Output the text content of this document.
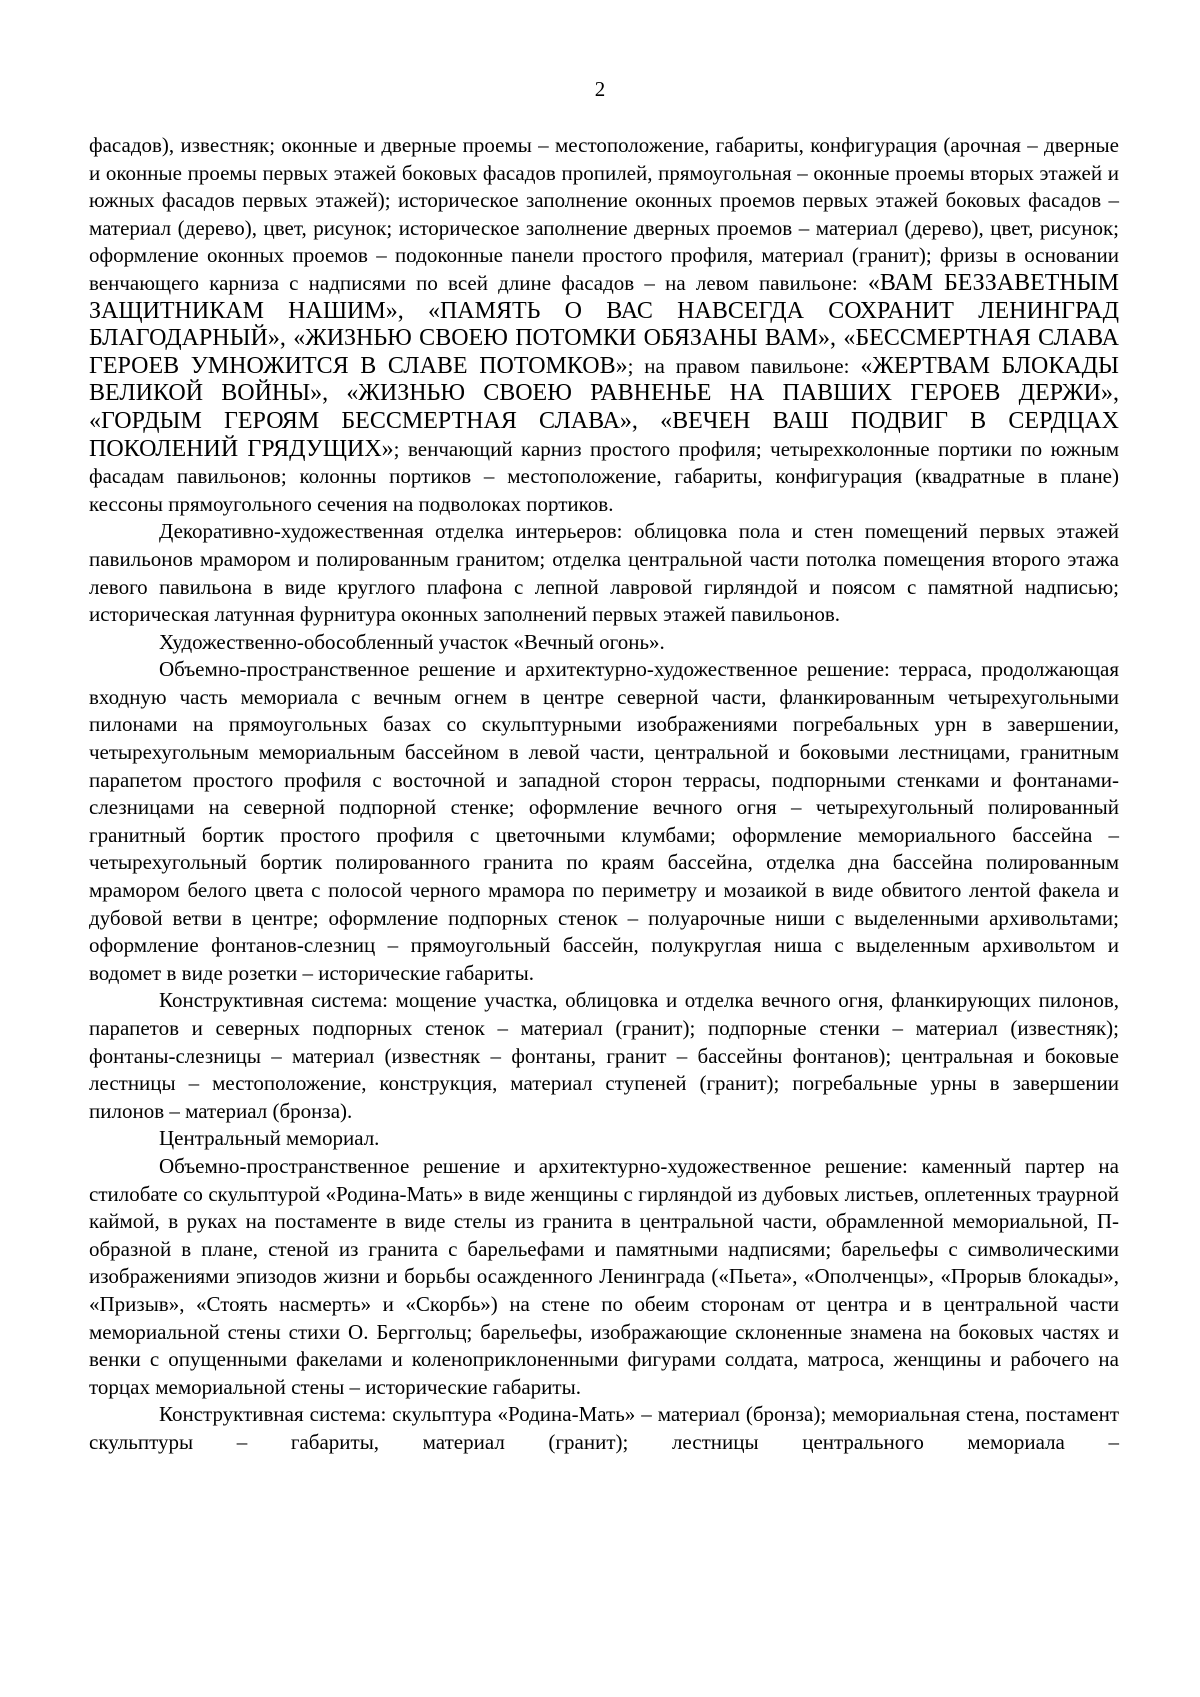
2

фасадов), известняк; оконные и дверные проемы – местоположение, габариты, конфигурация (арочная – дверные и оконные проемы первых этажей боковых фасадов пропилей, прямоугольная – оконные проемы вторых этажей и южных фасадов первых этажей); историческое заполнение оконных проемов первых этажей боковых фасадов – материал (дерево), цвет, рисунок; историческое заполнение дверных проемов – материал (дерево), цвет, рисунок; оформление оконных проемов – подоконные панели простого профиля, материал (гранит); фризы в основании венчающего карниза с надписями по всей длине фасадов – на левом павильоне: «ВАМ БЕЗЗАВЕТНЫМ ЗАЩИТНИКАМ НАШИМ», «ПАМЯТЬ О ВАС НАВСЕГДА СОХРАНИТ ЛЕНИНГРАД БЛАГОДАРНЫЙ», «ЖИЗНЬЮ СВОЕЮ ПОТОМКИ ОБЯЗАНЫ ВАМ», «БЕССМЕРТНАЯ СЛАВА ГЕРОЕВ УМНОЖИТСЯ В СЛАВЕ ПОТОМКОВ»; на правом павильоне: «ЖЕРТВАМ БЛОКАДЫ ВЕЛИКОЙ ВОЙНЫ», «ЖИЗНЬЮ СВОЕЮ РАВНЕНЬЕ НА ПАВШИХ ГЕРОЕВ ДЕРЖИ», «ГОРДЫМ ГЕРОЯМ БЕССМЕРТНАЯ СЛАВА», «ВЕЧЕН ВАШ ПОДВИГ В СЕРДЦАХ ПОКОЛЕНИЙ ГРЯДУЩИХ»; венчающий карниз простого профиля; четырехколонные портики по южным фасадам павильонов; колонны портиков – местоположение, габариты, конфигурация (квадратные в плане) кессоны прямоугольного сечения на подволоках портиков.

Декоративно-художественная отделка интерьеров: облицовка пола и стен помещений первых этажей павильонов мрамором и полированным гранитом; отделка центральной части потолка помещения второго этажа левого павильона в виде круглого плафона с лепной лавровой гирляндой и поясом с памятной надписью; историческая латунная фурнитура оконных заполнений первых этажей павильонов.

Художественно-обособленный участок «Вечный огонь».

Объемно-пространственное решение и архитектурно-художественное решение: терраса, продолжающая входную часть мемориала с вечным огнем в центре северной части, фланкированным четырехугольными пилонами на прямоугольных базах со скульптурными изображениями погребальных урн в завершении, четырехугольным мемориальным бассейном в левой части, центральной и боковыми лестницами, гранитным парапетом простого профиля с восточной и западной сторон террасы, подпорными стенками и фонтанами-слезницами на северной подпорной стенке; оформление вечного огня – четырехугольный полированный гранитный бортик простого профиля с цветочными клумбами; оформление мемориального бассейна – четырехугольный бортик полированного гранита по краям бассейна, отделка дна бассейна полированным мрамором белого цвета с полосой черного мрамора по периметру и мозаикой в виде обвитого лентой факела и дубовой ветви в центре; оформление подпорных стенок – полуарочные ниши с выделенными архивольтами; оформление фонтанов-слезниц – прямоугольный бассейн, полукруглая ниша с выделенным архивольтом и водомет в виде розетки – исторические габариты.

Конструктивная система: мощение участка, облицовка и отделка вечного огня, фланкирующих пилонов, парапетов и северных подпорных стенок – материал (гранит); подпорные стенки – материал (известняк); фонтаны-слезницы – материал (известняк – фонтаны, гранит – бассейны фонтанов); центральная и боковые лестницы – местоположение, конструкция, материал ступеней (гранит); погребальные урны в завершении пилонов – материал (бронза).

Центральный мемориал.

Объемно-пространственное решение и архитектурно-художественное решение: каменный партер на стилобате со скульптурой «Родина-Мать» в виде женщины с гирляндой из дубовых листьев, оплетенных траурной каймой, в руках на постаменте в виде стелы из гранита в центральной части, обрамленной мемориальной, П-образной в плане, стеной из гранита с барельефами и памятными надписями; барельефы с символическими изображениями эпизодов жизни и борьбы осажденного Ленинграда («Пьета», «Ополченцы», «Прорыв блокады», «Призыв», «Стоять насмерть» и «Скорбь») на стене по обеим сторонам от центра и в центральной части мемориальной стены стихи О. Берггольц; барельефы, изображающие склоненные знамена на боковых частях и венки с опущенными факелами и коленоприклоненными фигурами солдата, матроса, женщины и рабочего на торцах мемориальной стены – исторические габариты.

Конструктивная система: скульптура «Родина-Мать» – материал (бронза); мемориальная стена, постамент скульптуры – габариты, материал (гранит); лестницы центрального мемориала –
